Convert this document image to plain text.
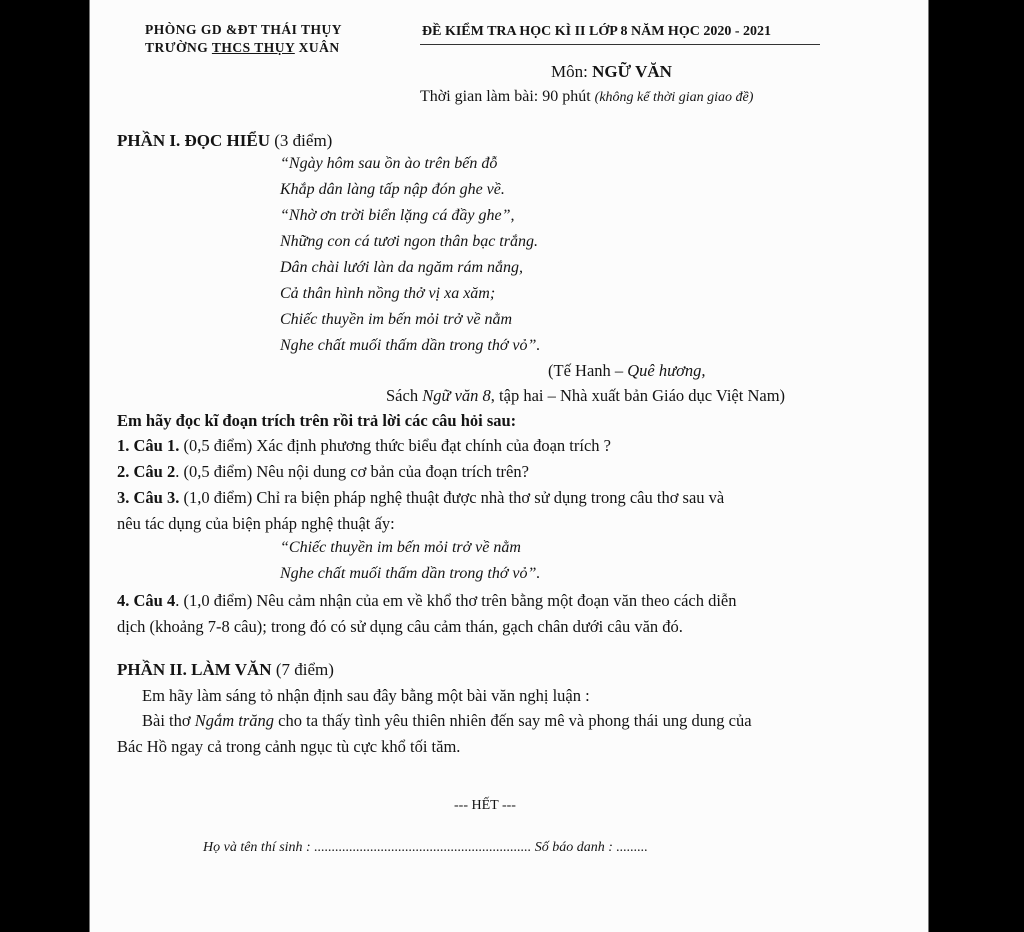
PHÒNG GD &ĐT THÁI THỤY
TRƯỜNG THCS THỤY XUÂN
ĐỀ KIỂM TRA HỌC KÌ II LỚP 8 NĂM HỌC 2020 - 2021
Môn: NGỮ VĂN
Thời gian làm bài: 90 phút (không kể thời gian giao đề)
PHẦN I. ĐỌC HIỂU (3 điểm)
“Ngày hôm sau ồn ào trên bến đỗ
Khắp dân làng tấp nập đón ghe về.
“Nhờ ơn trời biển lặng cá đầy ghe”,
Những con cá tươi ngon thân bạc trắng.
Dân chài lưới làn da ngăm rám nắng,
Cả thân hình nồng thở vị xa xăm;
Chiếc thuyền im bến mỏi trở về nằm
Nghe chất muối thấm dần trong thớ vỏ”.
(Tế Hanh – Quê hương,
Sách Ngữ văn 8, tập hai – Nhà xuất bản Giáo dục Việt Nam)
Em hãy đọc kĩ đoạn trích trên rồi trả lời các câu hỏi sau:
1. Câu 1. (0,5 điểm) Xác định phương thức biểu đạt chính của đoạn trích ?
2. Câu 2. (0,5 điểm) Nêu nội dung cơ bản của đoạn trích trên?
3. Câu 3. (1,0 điểm) Chỉ ra biện pháp nghệ thuật được nhà thơ sử dụng trong câu thơ sau và
nêu tác dụng của biện pháp nghệ thuật ấy:
“Chiếc thuyền im bến mỏi trở về nằm
Nghe chất muối thấm dần trong thớ vỏ”.
4. Câu 4. (1,0 điểm) Nêu cảm nhận của em về khổ thơ trên bằng một đoạn văn theo cách diễn
dịch (khoảng 7-8 câu); trong đó có sử dụng câu cảm thán, gạch chân dưới câu văn đó.
PHẦN II. LÀM VĂN (7 điểm)
Em hãy làm sáng tỏ nhận định sau đây bằng một bài văn nghị luận :
Bài thơ Ngắm trăng cho ta thấy tình yêu thiên nhiên đến say mê và phong thái ung dung của
Bác Hồ ngay cả trong cảnh ngục tù cực khổ tối tăm.
--- HẾT ---
Họ và tên thí sinh : .............................................................. Số báo danh : .........
